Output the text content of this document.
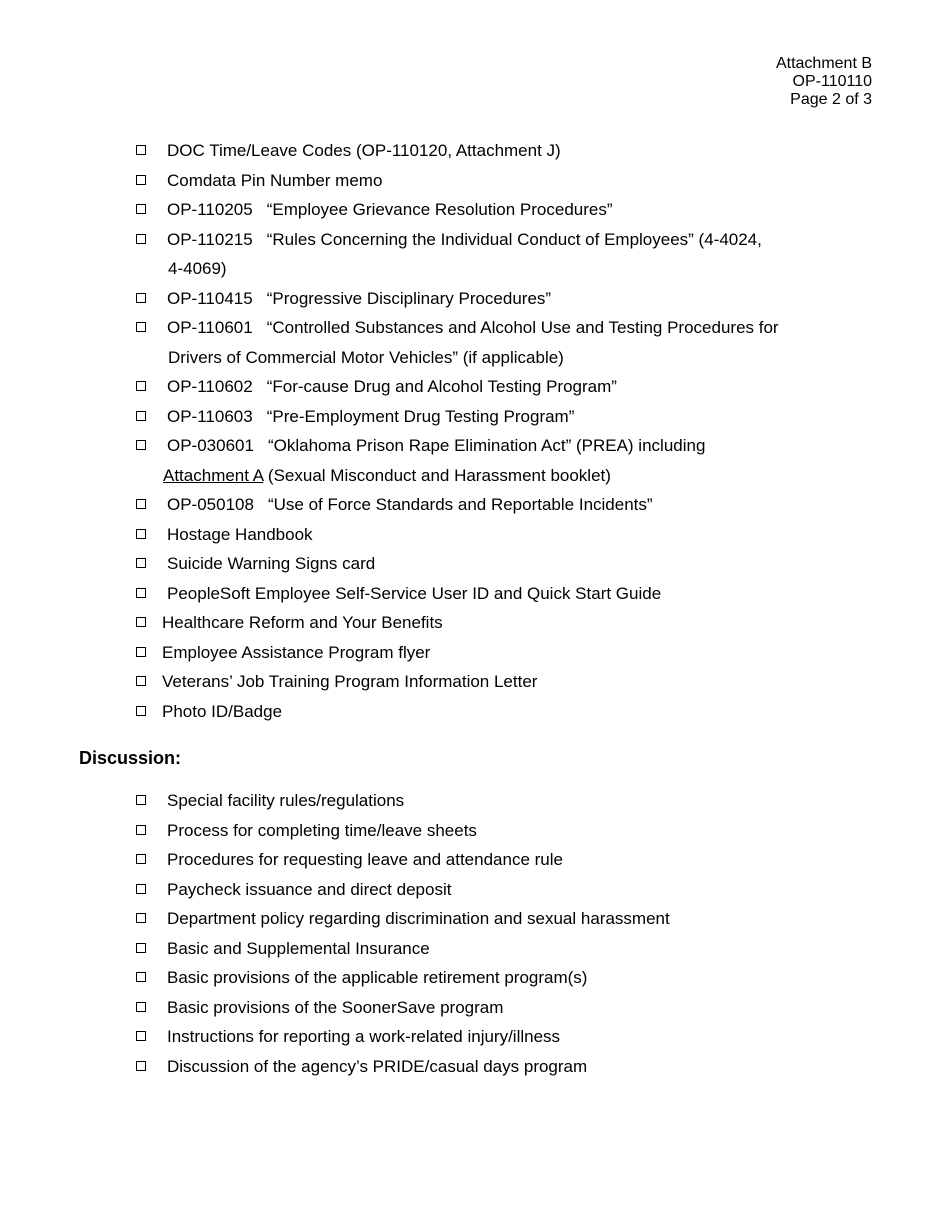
Attachment B
OP-110110
Page 2 of 3
DOC Time/Leave Codes (OP-110120, Attachment J)
Comdata Pin Number memo
OP-110205 “Employee Grievance Resolution Procedures”
OP-110215 “Rules Concerning the Individual Conduct of Employees” (4-4024,
4-4069)
OP-110415 “Progressive Disciplinary Procedures”
OP-110601 “Controlled Substances and Alcohol Use and Testing Procedures for
Drivers of Commercial Motor Vehicles” (if applicable)
OP-110602 “For-cause Drug and Alcohol Testing Program”
OP-110603 “Pre-Employment Drug Testing Program”
OP-030601 “Oklahoma Prison Rape Elimination Act” (PREA) including
Attachment A (Sexual Misconduct and Harassment booklet)
OP-050108 “Use of Force Standards and Reportable Incidents”
Hostage Handbook
Suicide Warning Signs card
PeopleSoft Employee Self-Service User ID and Quick Start Guide
Healthcare Reform and Your Benefits
Employee Assistance Program flyer
Veterans’ Job Training Program Information Letter
Photo ID/Badge
Discussion:
Special facility rules/regulations
Process for completing time/leave sheets
Procedures for requesting leave and attendance rule
Paycheck issuance and direct deposit
Department policy regarding discrimination and sexual harassment
Basic and Supplemental Insurance
Basic provisions of the applicable retirement program(s)
Basic provisions of the SoonerSave program
Instructions for reporting a work-related injury/illness
Discussion of the agency’s PRIDE/casual days program
